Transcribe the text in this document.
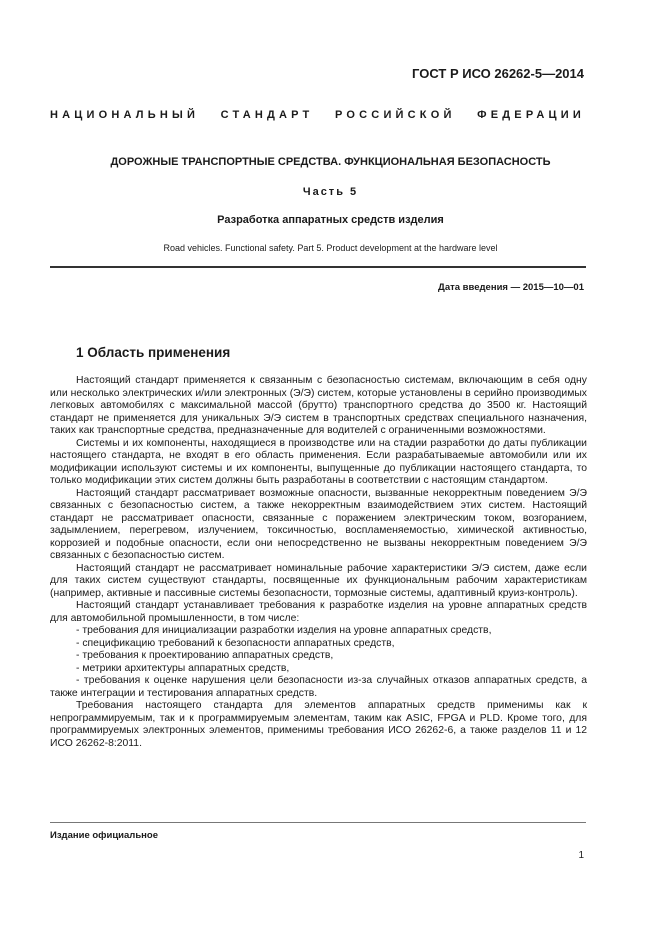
ГОСТ Р ИСО 26262-5—2014
НАЦИОНАЛЬНЫЙ СТАНДАРТ РОССИЙСКОЙ ФЕДЕРАЦИИ
ДОРОЖНЫЕ ТРАНСПОРТНЫЕ СРЕДСТВА. ФУНКЦИОНАЛЬНАЯ БЕЗОПАСНОСТЬ
Часть 5
Разработка аппаратных средств изделия
Road vehicles. Functional safety. Part 5. Product development at the hardware level
Дата введения — 2015—10—01
1 Область применения

Настоящий стандарт применяется к связанным с безопасностью системам, включающим в себя одну или несколько электрических и/или электронных (Э/Э) систем, которые установлены в серийно производимых легковых автомобилях с максимальной массой (брутто) транспортного средства до 3500 кг. Настоящий стандарт не применяется для уникальных Э/Э систем в транспортных средствах специального назначения, таких как транспортные средства, предназначенные для водителей с ограниченными возможностями.

Системы и их компоненты, находящиеся в производстве или на стадии разработки до даты публикации настоящего стандарта, не входят в его область применения. Если разрабатываемые автомобили или их модификации используют системы и их компоненты, выпущенные до публикации настоящего стандарта, то только модификации этих систем должны быть разработаны в соответствии с настоящим стандартом.

Настоящий стандарт рассматривает возможные опасности, вызванные некорректным поведением Э/Э связанных с безопасностью систем, а также некорректным взаимодействием этих систем. Настоящий стандарт не рассматривает опасности, связанные с поражением электрическим током, возгоранием, задымлением, перегревом, излучением, токсичностью, воспламеняемостью, химической активностью, коррозией и подобные опасности, если они непосредственно не вызваны некорректным поведением Э/Э связанных с безопасностью систем.

Настоящий стандарт не рассматривает номинальные рабочие характеристики Э/Э систем, даже если для таких систем существуют стандарты, посвященные их функциональным рабочим характеристикам (например, активные и пассивные системы безопасности, тормозные системы, адаптивный круиз-контроль).

Настоящий стандарт устанавливает требования к разработке изделия на уровне аппаратных средств для автомобильной промышленности, в том числе:

- требования для инициализации разработки изделия на уровне аппаратных средств,

- спецификацию требований к безопасности аппаратных средств,

- требования к проектированию аппаратных средств,

- метрики архитектуры аппаратных средств,

- требования к оценке нарушения цели безопасности из-за случайных отказов аппаратных средств, а также интеграции и тестирования аппаратных средств.

Требования настоящего стандарта для элементов аппаратных средств применимы как к непрограммируемым, так и к программируемым элементам, таким как ASIC, FPGA и PLD. Кроме того, для программируемых электронных элементов, применимы требования ИСО 26262-6, а также разделов 11 и 12 ИСО 26262-8:2011.

Издание официальное
1
